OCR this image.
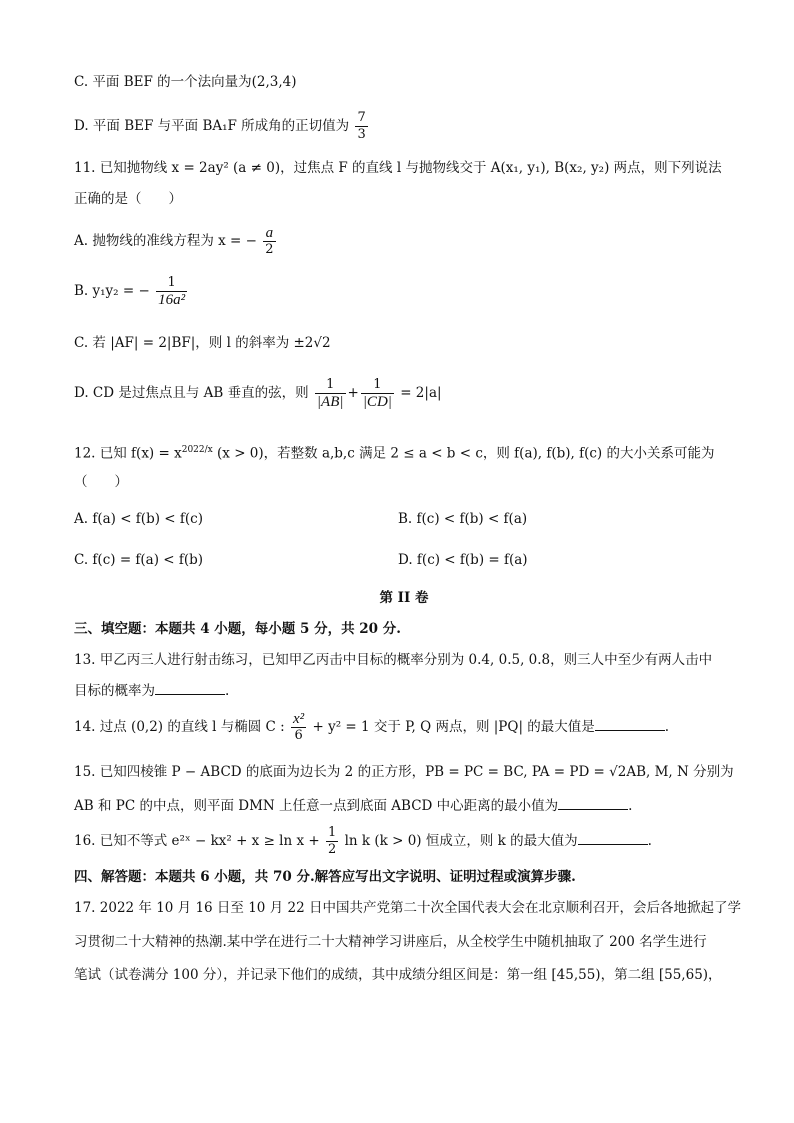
C. 平面 BEF 的一个法向量为(2,3,4)
D. 平面 BEF 与平面 BA₁F 所成角的正切值为 $\frac{7}{3}$
11. 已知抛物线 x = 2ay² (a ≠ 0)，过焦点 F 的直线 l 与抛物线交于 A(x₁, y₁), B(x₂, y₂) 两点，则下列说法
正确的是（　　）
A. 抛物线的准线方程为 x = − $\frac{a}{2}$
B. y₁y₂ = − $\frac{1}{\text{16a²}}$
C. 若 |AF| = 2|BF|，则 l 的斜率为 ±2√2
D. CD 是过焦点且与 AB 垂直的弦，则 $\frac{1}{|AB|} + \frac{1}{|CD|} = 2|a|$
12. 已知 $f(x) = x^{2022/x}$ (x > 0)，若整数 a,b,c 满足 2 ≤ a < b < c，则 f(a), f(b), f(c) 的大小关系可能为
（　　）
A. f(a) < f(b) < f(c)	B. f(c) < f(b) < f(a)
C. f(c) = f(a) < f(b)	D. f(c) < f(b) = f(a)
第 II 卷
三、填空题：本题共 4 小题，每小题 5 分，共 20 分.
13. 甲乙丙三人进行射击练习，已知甲乙丙击中目标的概率分别为 0.4, 0.5, 0.8，则三人中至少有两人击中
目标的概率为	.
14. 过点 (0,2) 的直线 l 与椭圆 C : $\frac{\text{x²}}{6} + y^2 = 1$ 交于 P, Q 两点，则 |PQ| 的最大值是	.
15. 已知四棱锥 P − ABCD 的底面为边长为 2 的正方形，PB = PC = BC, PA = PD = √2AB, M, N 分别为
AB 和 PC 的中点，则平面 DMN 上任意一点到底面 ABCD 中心距离的最小值为	.
16. 已知不等式 e²ˣ − $kx^2 + x \ge \ln x + \frac{1}{2}$ ln k (k > 0) 恒成立，则 k 的最大值为	.
四、解答题：本题共 6 小题，共 70 分.解答应写出文字说明、证明过程或演算步骤.
17. 2022 年 10 月 16 日至 10 月 22 日中国共产党第二十次全国代表大会在北京顺利召开，会后各地掀起了学
习贯彻二十大精神的热潮.某中学在进行二十大精神学习讲座后，从全校学生中随机抽取了 200 名学生进行
笔试（试卷满分 100 分），并记录下他们的成绩，其中成绩分组区间是：第一组 [45,55)，第二组 [55,65)，
